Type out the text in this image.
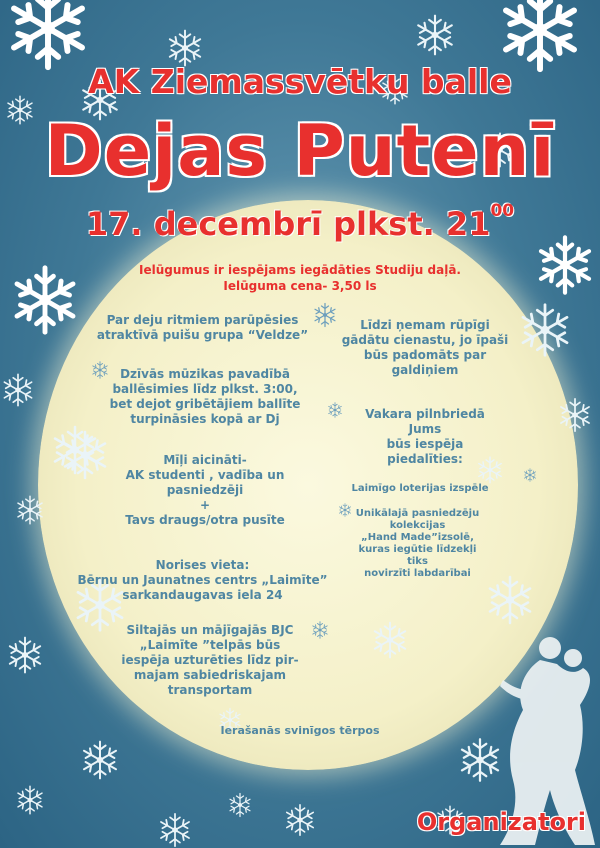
AK Ziemassvētku balle
Dejas Putenī
17. decembrī plkst. $21^{00}$
Ielūgumus ir iespējams iegādāties Studiju daļā.
Ielūguma cena- 3,50 ls
Par deju ritmiem parūpēsies
atraktīvā puišu grupa “Veldze”
Dzīvās mūzikas pavadībā
ballēsimies līdz plkst. 3:00,
bet dejot gribētājiem ballīte
turpināsies kopā ar Dj
Mīļi aicināti-
AK studenti , vadība un
pasniedzēji
+
Tavs draugs/otra pusīte
Norises vieta:
Bērnu un Jaunatnes centrs „Laimīte”
sarkandaugavas iela 24
Siltajās un mājīgajās BJC
„Laimīte ”telpās būs
iespēja uzturēties līdz pir-
majam sabiedriskajam
transportam
Līdzi ņemam rūpīgi
gādātu cienastu, jo īpaši
būs padomāts par
galdiņiem
Vakara pilnbriedā
Jums
būs iespēja
piedalīties:
Laimīgo loterijas izspēle
Unikālajā pasniedzēju
kolekcijas
„Hand Made”izsolē,
kuras iegūtie līdzekļi
tiks
novirzīti labdarībai
Ierašanās svinīgos tērpos
Organizatori
